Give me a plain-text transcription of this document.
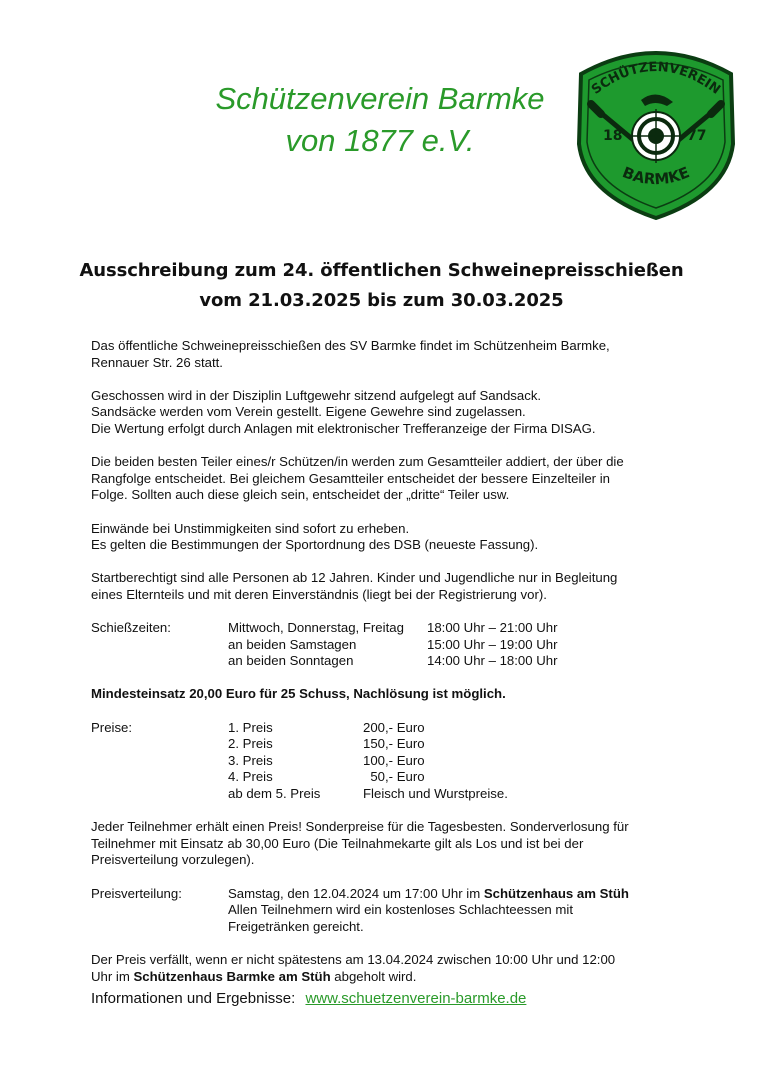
Schützenverein Barmke
von 1877 e.V.
SCHÜTZENVEREIN
18	77
BARMKE
Ausschreibung zum 24. öffentlichen Schweinepreisschießen
vom 21.03.2025 bis zum 30.03.2025

Das öffentliche Schweinepreisschießen des SV Barmke findet im Schützenheim Barmke,
Rennauer Str. 26 statt.

Geschossen wird in der Disziplin Luftgewehr sitzend aufgelegt auf Sandsack.
Sandsäcke werden vom Verein gestellt. Eigene Gewehre sind zugelassen.
Die Wertung erfolgt durch Anlagen mit elektronischer Trefferanzeige der Firma DISAG.

Die beiden besten Teiler eines/r Schützen/in werden zum Gesamtteiler addiert, der über die
Rangfolge entscheidet. Bei gleichem Gesamtteiler entscheidet der bessere Einzelteiler in
Folge. Sollten auch diese gleich sein, entscheidet der „dritte“ Teiler usw.

Einwände bei Unstimmigkeiten sind sofort zu erheben.
Es gelten die Bestimmungen der Sportordnung des DSB (neueste Fassung).

Startberechtigt sind alle Personen ab 12 Jahren. Kinder und Jugendliche nur in Begleitung
eines Elternteils und mit deren Einverständnis (liegt bei der Registrierung vor).

Schießzeiten:	Mittwoch, Donnerstag, Freitag	18:00 Uhr – 21:00 Uhr
an beiden Samstagen	15:00 Uhr – 19:00 Uhr
an beiden Sonntagen	14:00 Uhr – 18:00 Uhr

Mindesteinsatz 20,00 Euro für 25 Schuss, Nachlösung ist möglich.

Preise:	1. Preis	200,- Euro
2. Preis	150,- Euro
3. Preis	100,- Euro
4. Preis	50,- Euro
ab dem 5. Preis	Fleisch und Wurstpreise.

Jeder Teilnehmer erhält einen Preis! Sonderpreise für die Tagesbesten. Sonderverlosung für
Teilnehmer mit Einsatz ab 30,00 Euro (Die Teilnahmekarte gilt als Los und ist bei der
Preisverteilung vorzulegen).

Preisverteilung:	Samstag, den 12.04.2024 um 17:00 Uhr im Schützenhaus am Stüh
Allen Teilnehmern wird ein kostenloses Schlachteessen mit
Freigetränken gereicht.

Der Preis verfällt, wenn er nicht spätestens am 13.04.2024 zwischen 10:00 Uhr und 12:00
Uhr im Schützenhaus Barmke am Stüh abgeholt wird.

Informationen und Ergebnisse: www.schuetzenverein-barmke.de
